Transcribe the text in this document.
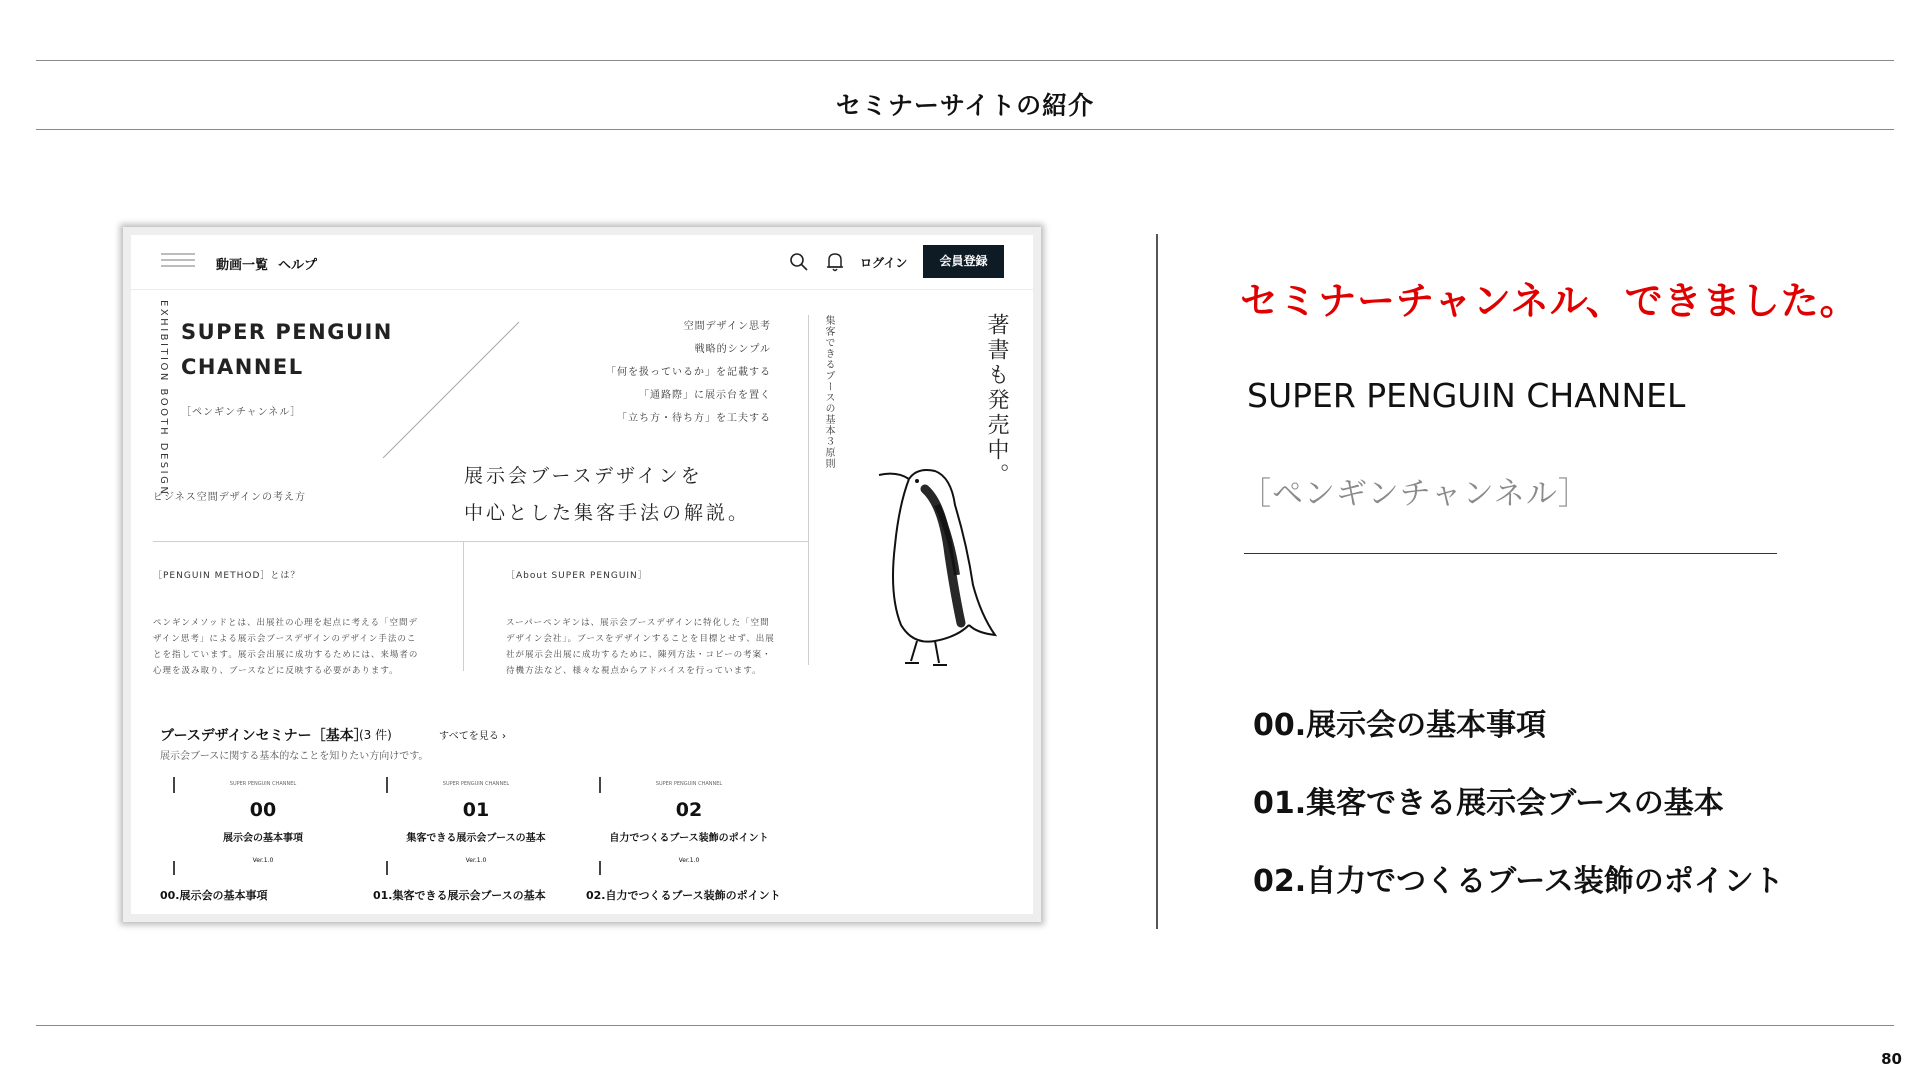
セミナーサイトの紹介
動画一覧 ヘルプ	ログイン	会員登録
EXHIBITION BOOTH DESIGN SUPER PENGUIN
CHANNEL
［ペンギンチャンネル］
ビジネス空間デザインの考え方
空間デザイン思考
戦略的シンプル
「何を扱っているか」を記載する
「通路際」に展示台を置く
「立ち方・待ち方」を工夫する
展示会ブースデザインを
中心とした集客手法の解説。
集客できるブースの基本３原則	著書も発売中。
［PENGUIN METHOD］とは？
ペンギンメソッドとは、出展社の心理を起点に考える「空間デザイン思考」による展示会ブースデザインのデザイン手法のことを指しています。展示会出展に成功するためには、来場者の心理を汲み取り、ブースなどに反映する必要があります。
［About SUPER PENGUIN］
スーパーペンギンは、展示会ブースデザインに特化した「空間デザイン会社」。ブースをデザインすることを目標とせず、出展社が展示会出展に成功するために、陳列方法・コピーの考案・待機方法など、様々な視点からアドバイスを行っています。
ブースデザインセミナー［基本］
(3 件)	すべてを見る ›
展示会ブースに関する基本的なことを知りたい方向けです。
SUPER PENGUIN CHANNEL
00
展示会の基本事項
Ver.1.0
00.展示会の基本事項
SUPER PENGUIN CHANNEL
01
集客できる展示会ブースの基本
Ver.1.0
01.集客できる展示会ブースの基本
SUPER PENGUIN CHANNEL
02
自力でつくるブース装飾のポイント
Ver.1.0
02.自力でつくるブース装飾のポイント
セミナーチャンネル、できました。
SUPER PENGUIN CHANNEL
［ペンギンチャンネル］
00.展示会の基本事項
01.集客できる展示会ブースの基本
02.自力でつくるブース装飾のポイント
80
